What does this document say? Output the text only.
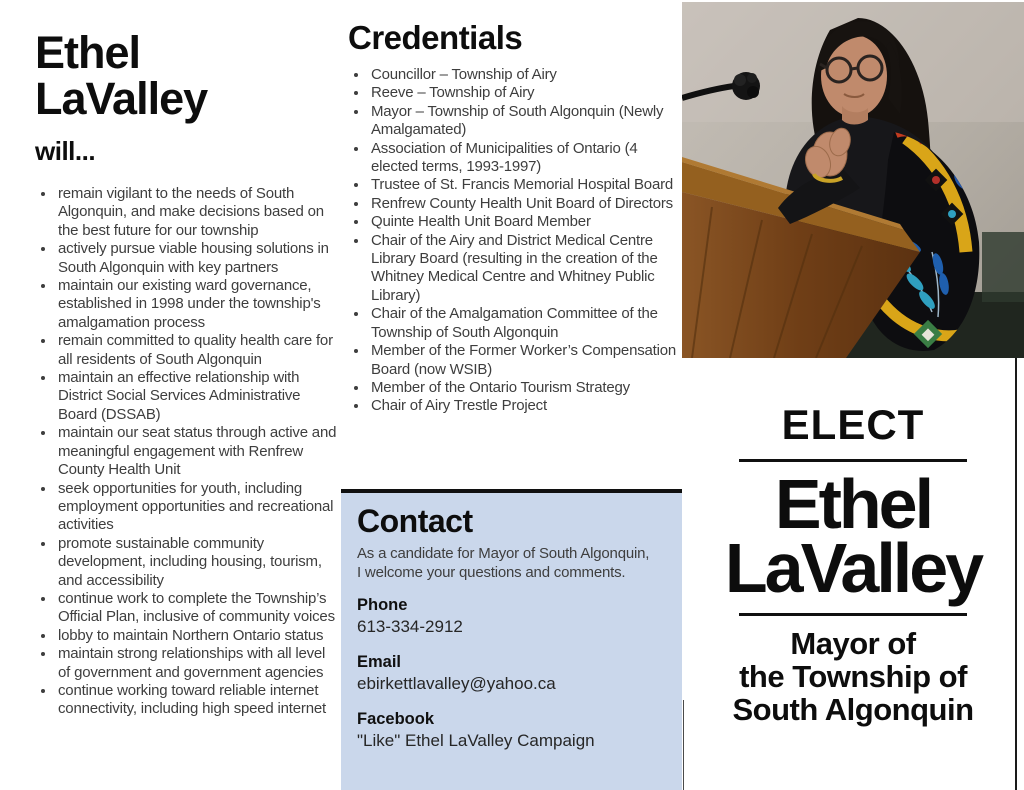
Ethel
LaValley
will...
• remain vigilant to the needs of South Algonquin, and make decisions based on the best future for our township
• actively pursue viable housing solutions in South Algonquin with key partners
• maintain our existing ward governance, established in 1998 under the township's amalgamation process
• remain committed to quality health care for all residents of South Algonquin
• maintain an effective relationship with District Social Services Administrative Board (DSSAB)
• maintain our seat status through active and meaningful engagement with Renfrew County Health Unit
• seek opportunities for youth, including employment opportunities and recreational activities
• promote sustainable community development, including housing, tourism, and accessibility
• continue work to complete the Township’s Official Plan, inclusive of community voices
• lobby to maintain Northern Ontario status
• maintain strong relationships with all level of government and government agencies
• continue working toward reliable internet connectivity, including high speed internet
Credentials
• Councillor – Township of Airy
• Reeve – Township of Airy
• Mayor – Township of South Algonquin (Newly Amalgamated)
• Association of Municipalities of Ontario (4 elected terms, 1993-1997)
• Trustee of St. Francis Memorial Hospital Board
• Renfrew County Health Unit Board of Directors
• Quinte Health Unit Board Member
• Chair of the Airy and District Medical Centre Library Board (resulting in the creation of the Whitney Medical Centre and Whitney Public Library)
• Chair of the Amalgamation Committee of the Township of South Algonquin
• Member of the Former Worker’s Compensation Board (now WSIB)
• Member of the Ontario Tourism Strategy
• Chair of Airy Trestle Project
Contact

As a candidate for Mayor of South Algonquin, I welcome your questions and comments.

Phone
613-334-2912
Email
ebirkettlavalley@yahoo.ca
Facebook
"Like" Ethel LaValley Campaign
ELECT
Ethel
LaValley
Mayor of
the Township of
South Algonquin
